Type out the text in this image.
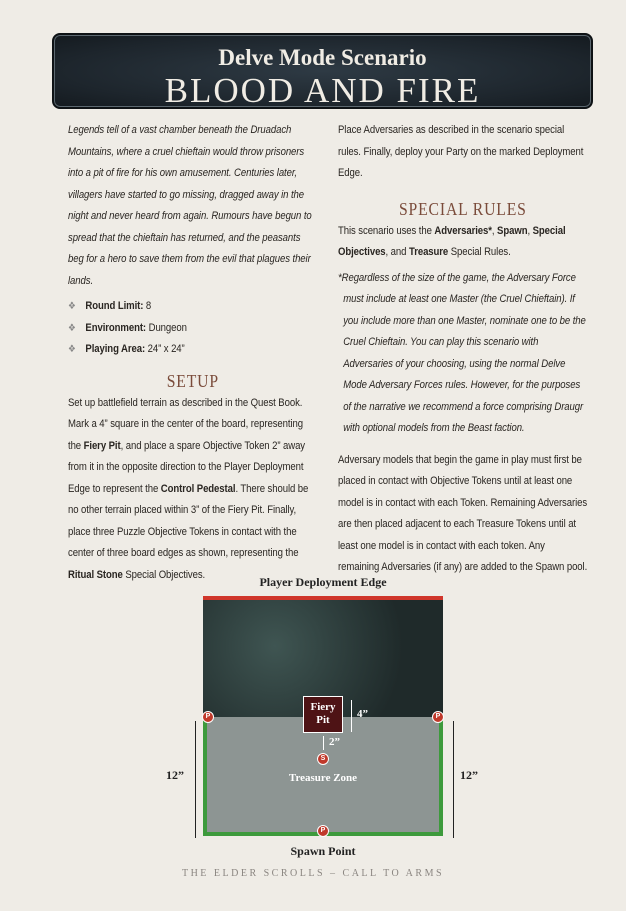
Delve Mode Scenario
BLOOD AND FIRE

Legends tell of a vast chamber beneath the Druadach Mountains, where a cruel chieftain would throw prisoners into a pit of fire for his own amusement. Centuries later, villagers have started to go missing, dragged away in the night and never heard from again. Rumours have begun to spread that the chieftain has returned, and the peasants beg for a hero to save them from the evil that plagues their lands.

❖ Round Limit: 8
❖ Environment: Dungeon
❖ Playing Area: 24” x 24”
SETUP

Set up battlefield terrain as described in the Quest Book. Mark a 4” square in the center of the board, representing the Fiery Pit, and place a spare Objective Token 2” away from it in the opposite direction to the Player Deployment Edge to represent the Control Pedestal. There should be no other terrain placed within 3” of the Fiery Pit. Finally, place three Puzzle Objective Tokens in contact with the center of three board edges as shown, representing the Ritual Stone Special Objectives.

Place Adversaries as described in the scenario special rules. Finally, deploy your Party on the marked Deployment Edge.

SPECIAL RULES

This scenario uses the Adversaries*, Spawn, Special Objectives, and Treasure Special Rules.

*Regardless of the size of the game, the Adversary Force must include at least one Master (the Cruel Chieftain). If you include more than one Master, nominate one to be the Cruel Chieftain. You can play this scenario with Adversaries of your choosing, using the normal Delve Mode Adversary Forces rules. However, for the purposes of the narrative we recommend a force comprising Draugr with optional models from the Beast faction.

Adversary models that begin the game in play must first be placed in contact with Objective Tokens until at least one model is in contact with each Token. Remaining Adversaries are then placed adjacent to each Treasure Tokens until at least one model is in contact with each token. Any remaining Adversaries (if any) are added to the Spawn pool.

Player Deployment Edge
Fiery Pit	4”
2”
S
Treasure Zone
P	P
P
12”	12”
Spawn Point
THE ELDER SCROLLS – CALL TO ARMS
